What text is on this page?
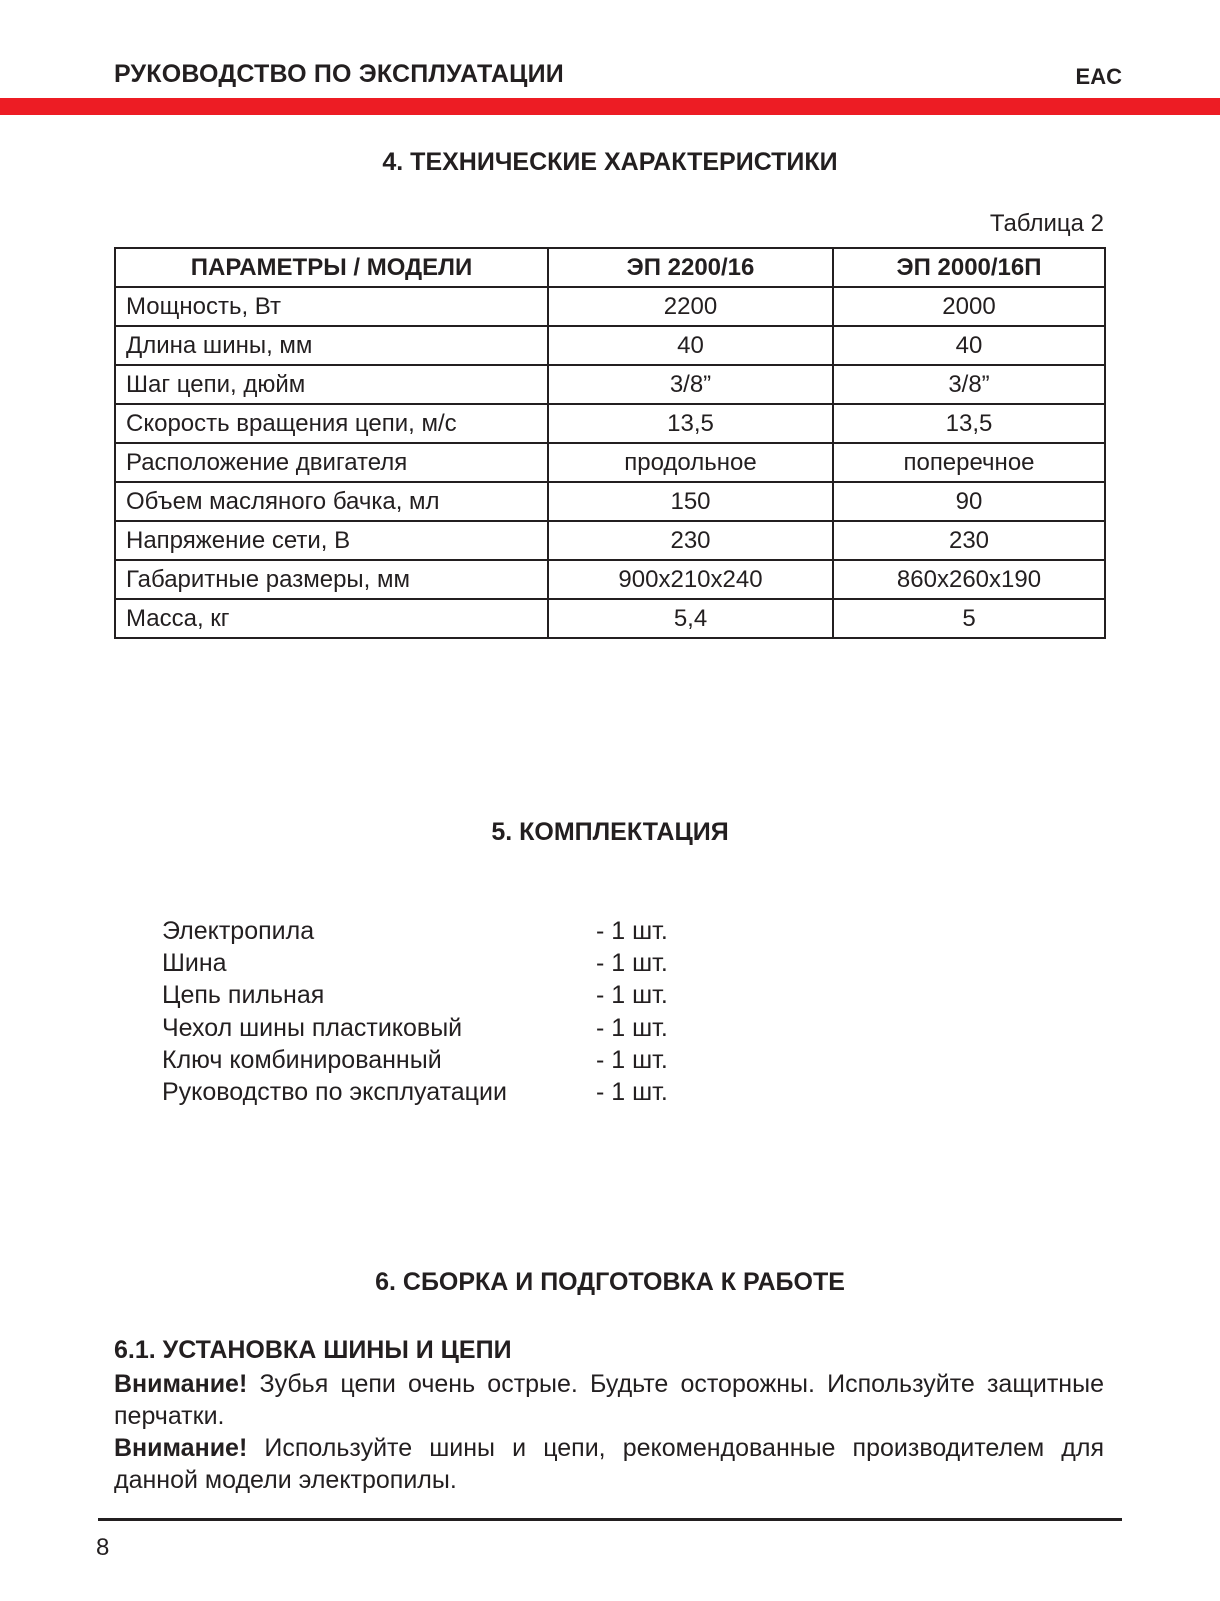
РУКОВОДСТВО ПО ЭКСПЛУАТАЦИИ	EAC
4. ТЕХНИЧЕСКИЕ ХАРАКТЕРИСТИКИ
Таблица 2
ПАРАМЕТРЫ / МОДЕЛИ	ЭП 2200/16	ЭП 2000/16П
Мощность, Вт	2200	2000
Длина шины, мм	40	40
Шаг цепи, дюйм	3/8”	3/8”
Скорость вращения цепи, м/с	13,5	13,5
Расположение двигателя	продольное	поперечное
Объем масляного бачка, мл	150	90
Напряжение сети, В	230	230
Габаритные размеры, мм	900х210х240	860х260х190
Масса, кг	5,4	5
5. КОМПЛЕКТАЦИЯ
Электропила	- 1 шт.
Шина	- 1 шт.
Цепь пильная	- 1 шт.
Чехол шины пластиковый	- 1 шт.
Ключ комбинированный	- 1 шт.
Руководство по эксплуатации	- 1 шт.
6. СБОРКА И ПОДГОТОВКА К РАБОТЕ
6.1. УСТАНОВКА ШИНЫ И ЦЕПИ
Внимание! Зубья цепи очень острые. Будьте осторожны. Используйте защитные перчатки.
Внимание! Используйте шины и цепи, рекомендованные производителем для данной модели электропилы.
8
